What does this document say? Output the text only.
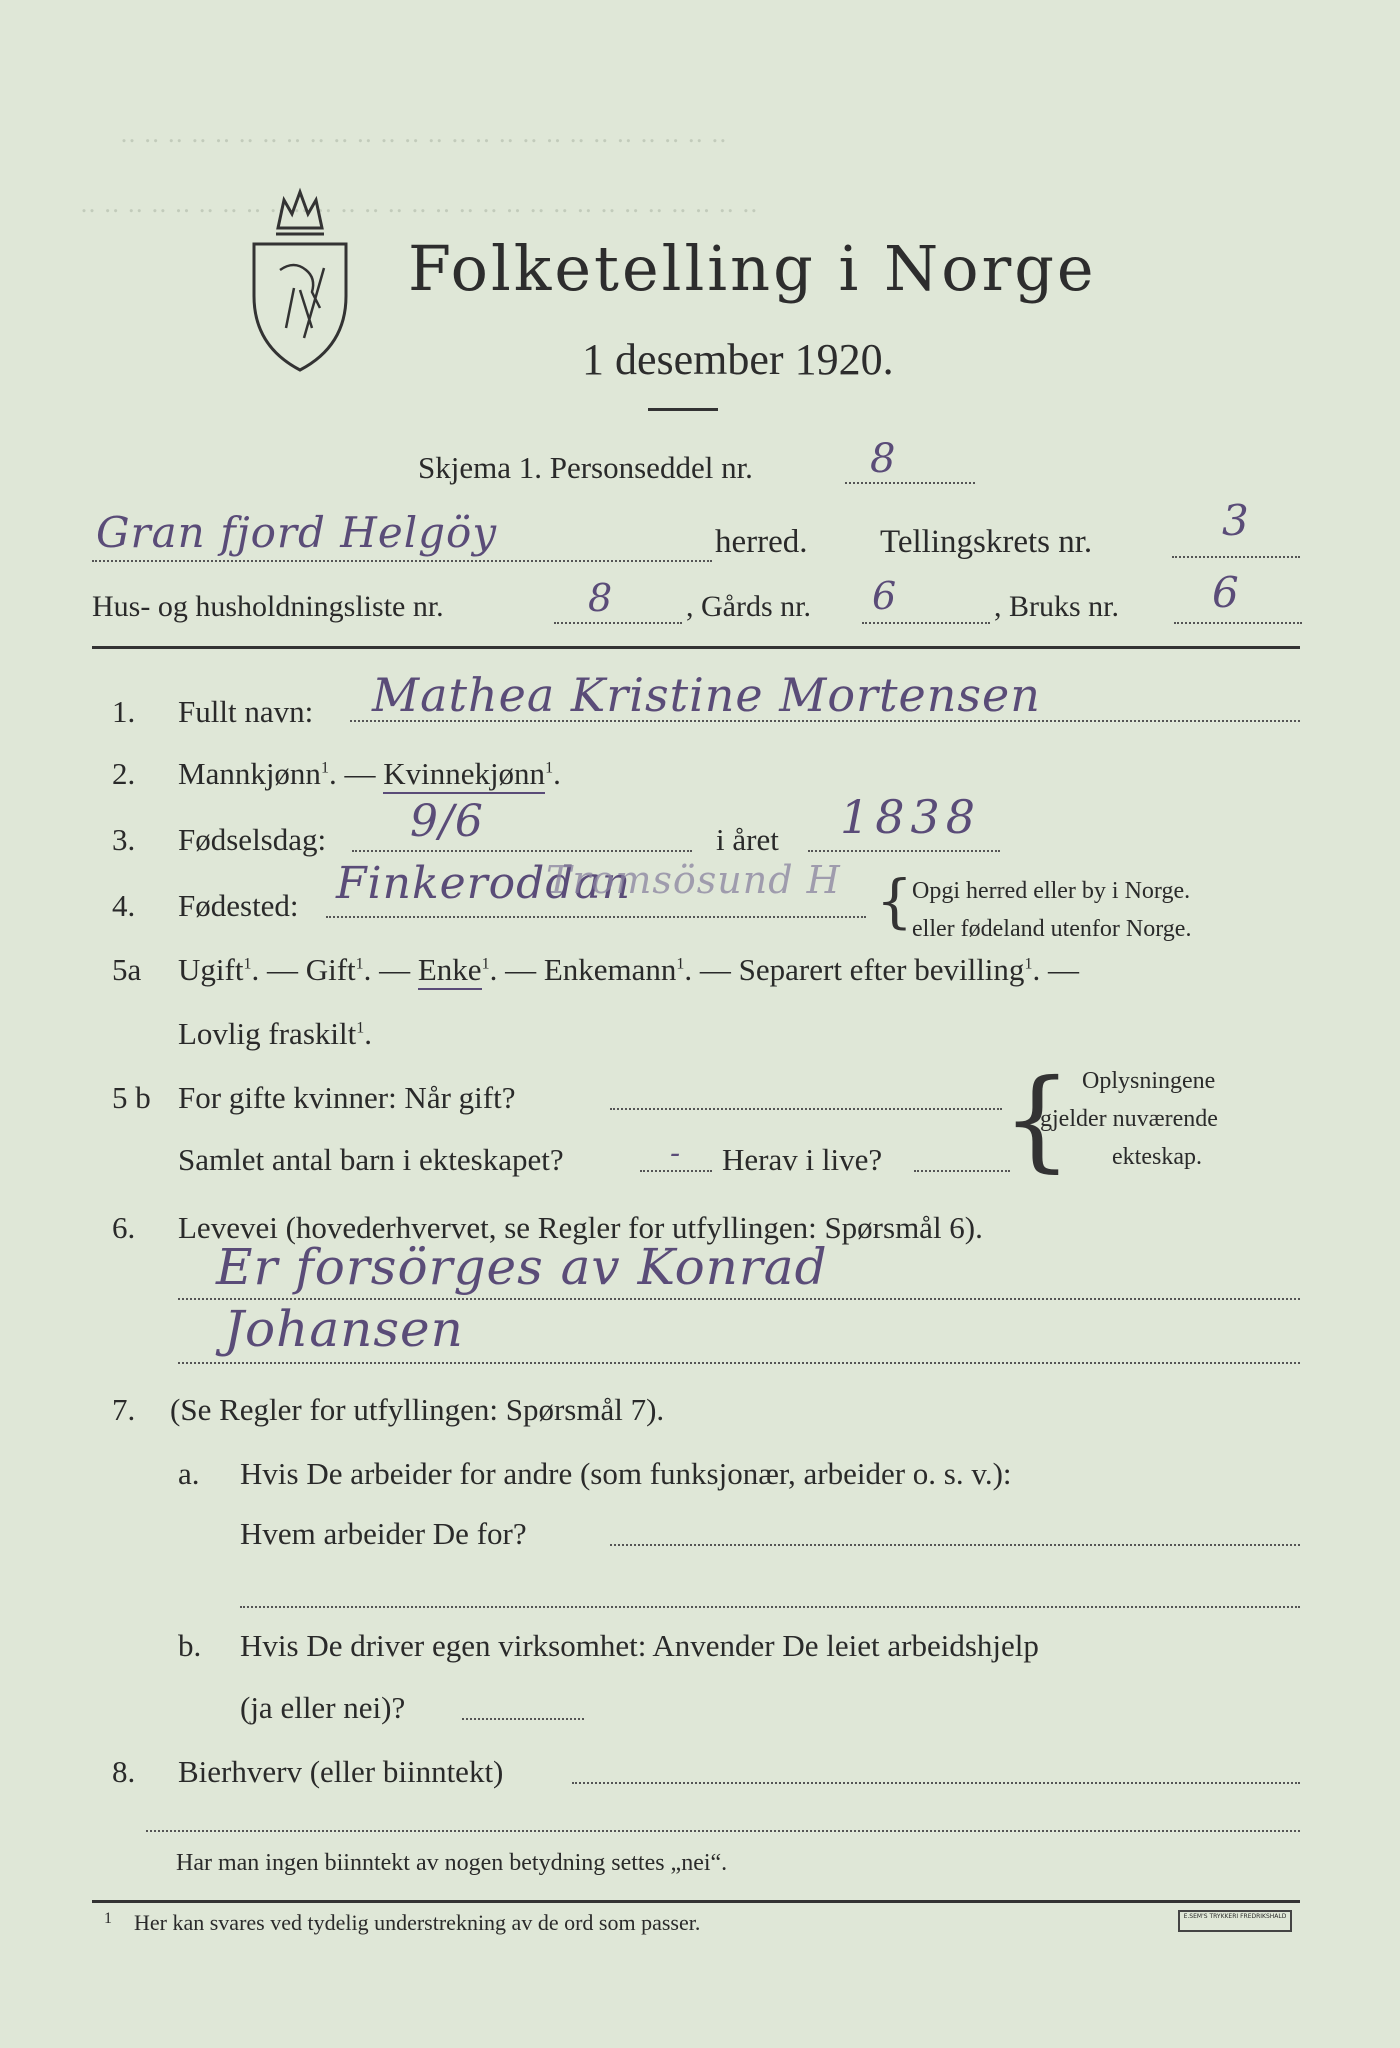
‥ ‥ ‥ ‥ ‥ ‥ ‥ ‥ ‥ ‥ ‥ ‥ ‥ ‥ ‥ ‥ ‥ ‥ ‥ ‥ ‥ ‥ ‥ ‥ ‥ ‥
‥ ‥ ‥ ‥ ‥ ‥ ‥ ‥ ‥ ‥ ‥ ‥ ‥ ‥ ‥ ‥ ‥ ‥ ‥ ‥ ‥ ‥ ‥ ‥ ‥ ‥ ‥ ‥ ‥
Folketelling i Norge
1 desember 1920.
Skjema 1. Personseddel nr.	8
Gran fjord Helgöy	herred. Tellingskrets nr.	3
Hus- og husholdningsliste nr.	8 , Gårds nr. 6	, Bruks nr. 6
1. Fullt navn: Mathea Kristine Mortensen
2. Mannkjønn$^1$. — Kvinnekjønn$^1$.
3. Fødselsdag: 9/6	i året 1838
4. Fødested: Finkeroddan
Tromsösund H { Opgi herred eller by i Norge.
eller fødeland utenfor Norge.
5a Ugift$^1$. — Gift$^1$. — Enke$^1$. — Enkemann$^1$. — Separert efter bevilling$^1$. —
Lovlig fraskilt$^1$.
5 b For gifte kvinner: Når gift?
Samlet antal barn i ekteskapet?	- Herav i live? { Oplysningene
gjelder nuværende
ekteskap.
6. Levevei (hovederhvervet, se Regler for utfyllingen: Spørsmål 6).
Er forsörges av Konrad
Johansen
7. (Se Regler for utfyllingen: Spørsmål 7).
a. Hvis De arbeider for andre (som funksjonær, arbeider o. s. v.):
Hvem arbeider De for?
b. Hvis De driver egen virksomhet: Anvender De leiet arbeidshjelp
(ja eller nei)?
8. Bierhverv (eller biinntekt)
Har man ingen biinntekt av nogen betydning settes „nei“.
1 Her kan svares ved tydelig understrekning av de ord som passer.	E.SEM'S TRYKKERI FREDRIKSHALD
